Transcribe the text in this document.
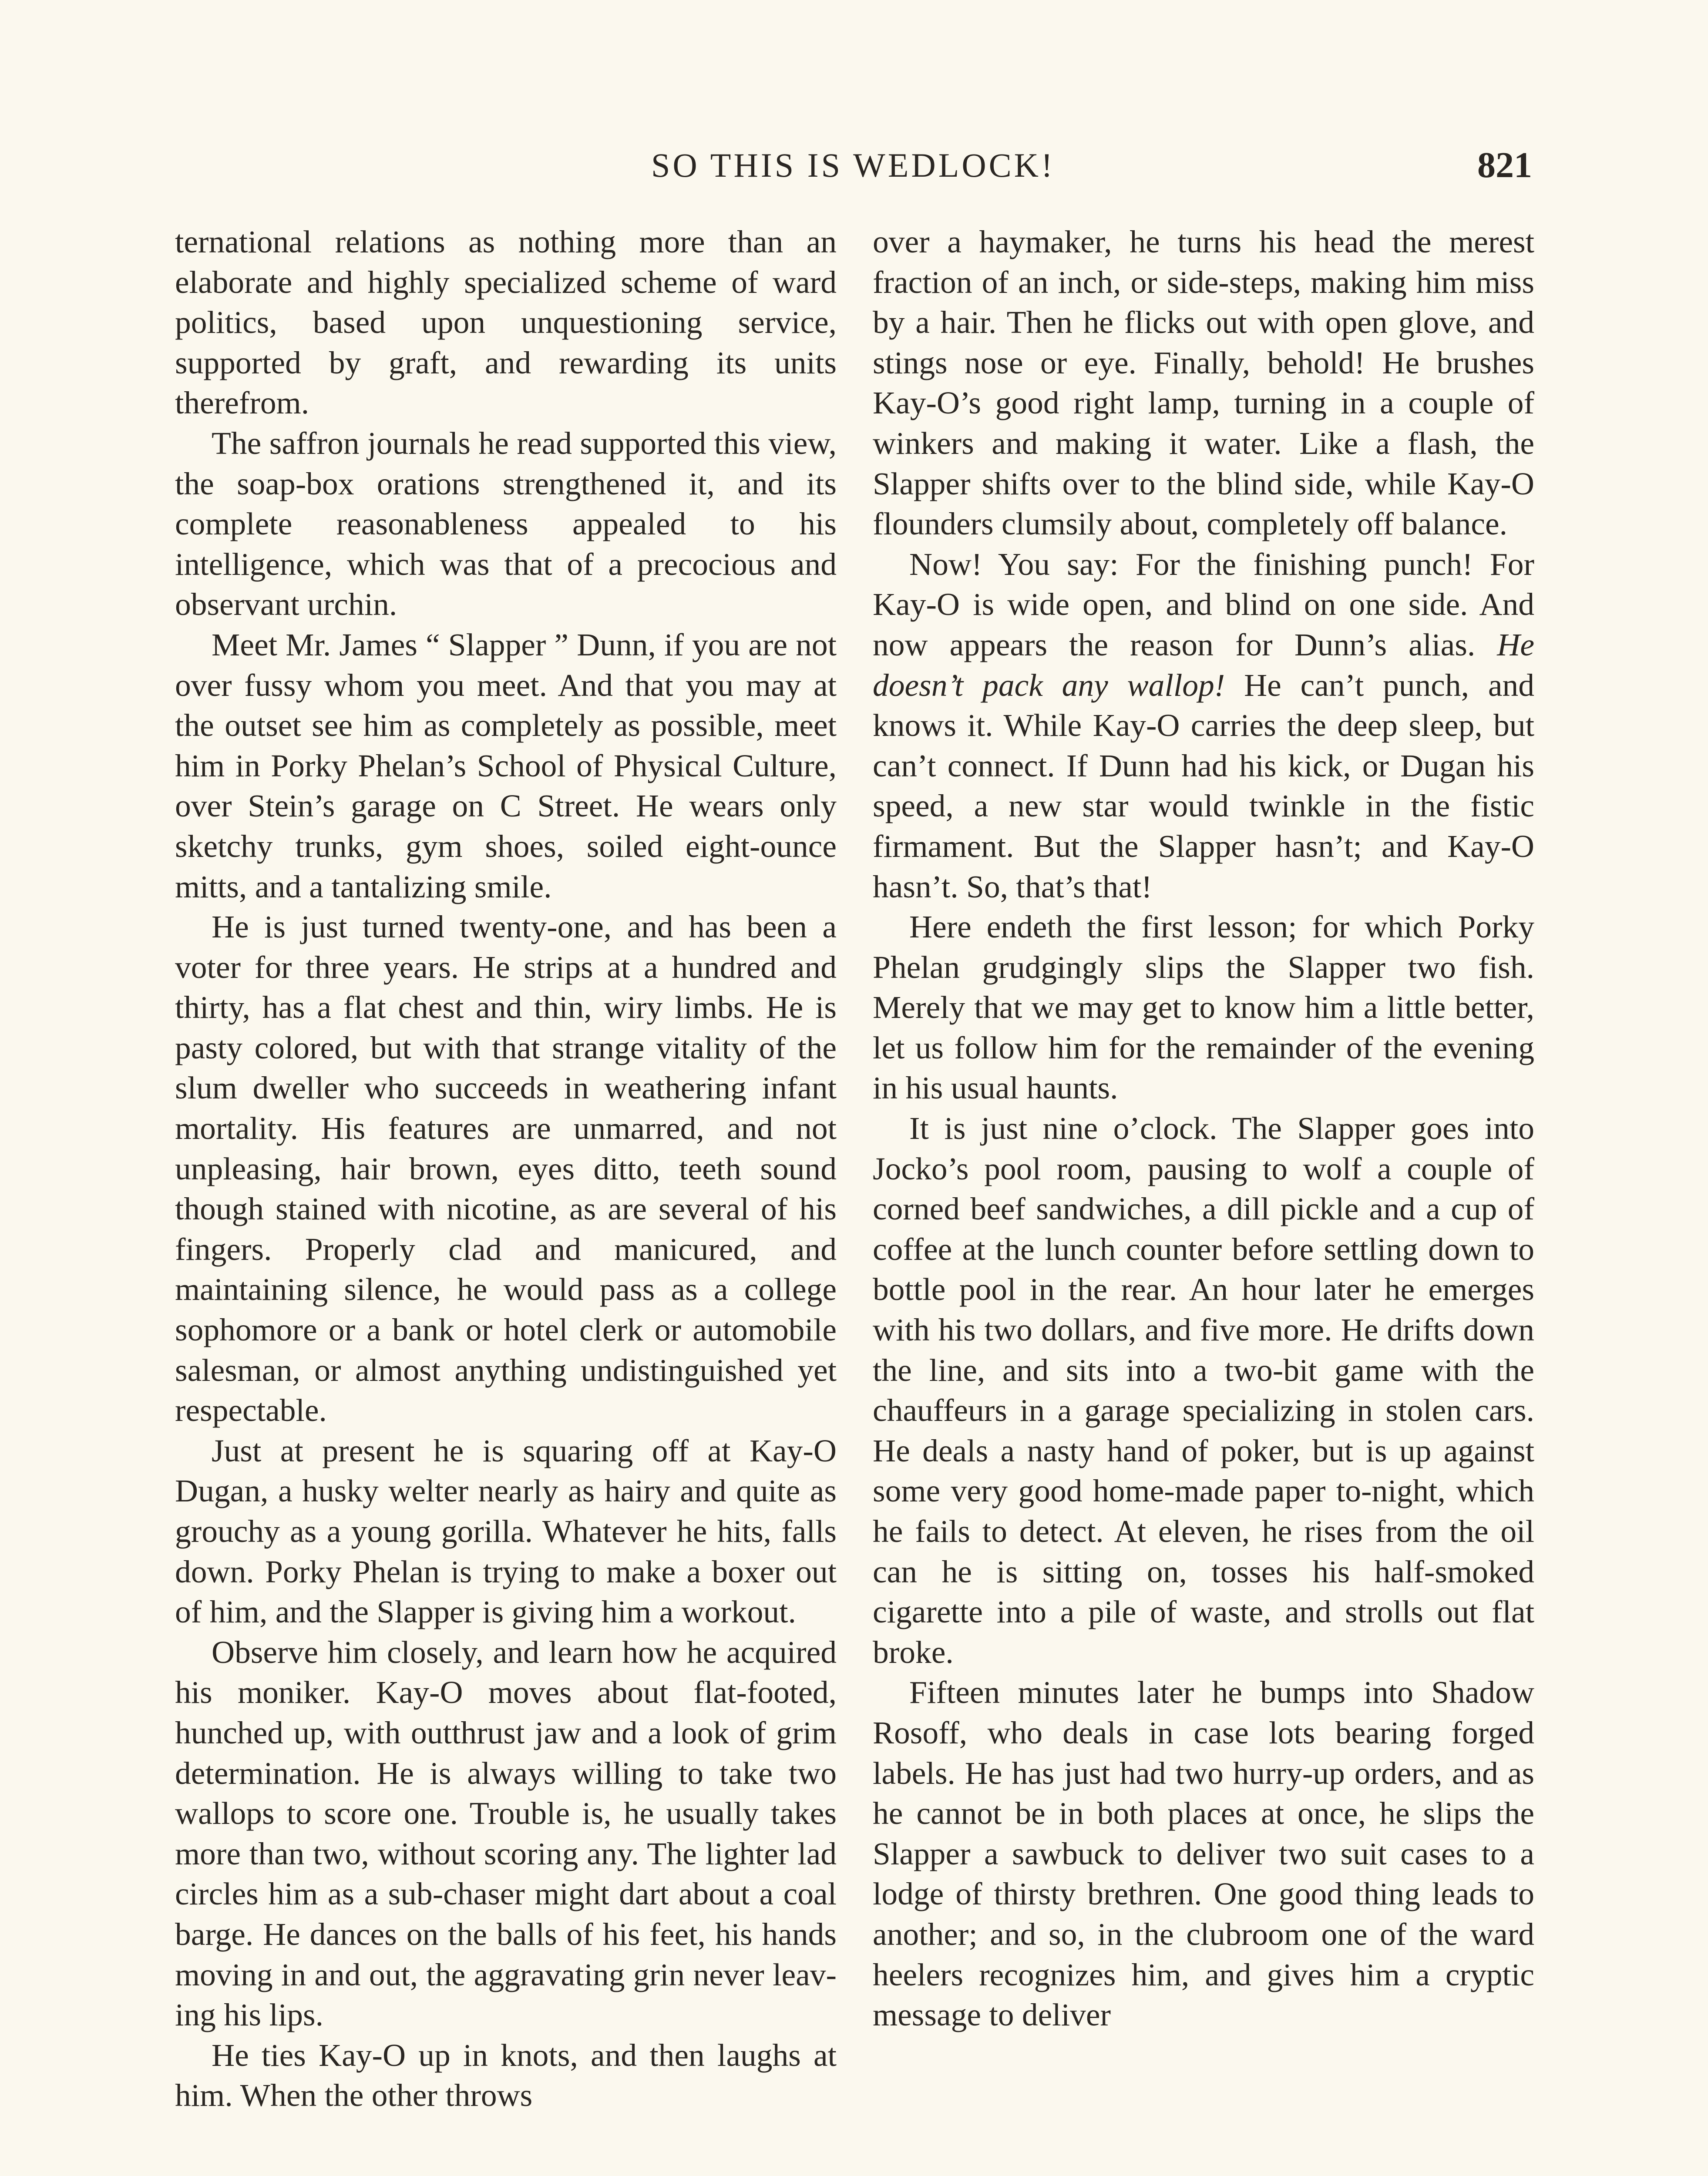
SO THIS IS WEDLOCK!	821

ternational relations as nothing more than an elaborate and highly specialized scheme of ward politics, based upon unquestioning service, supported by graft, and rewarding its units therefrom.

The saffron journals he read supported this view, the soap-box orations strengthened it, and its complete reasonableness appealed to his intelligence, which was that of a precocious and observant urchin.

Meet Mr. James “ Slapper ” Dunn, if you are not over fussy whom you meet. And that you may at the outset see him as completely as possible, meet him in Porky Phelan’s School of Physical Culture, over Stein’s garage on C Street. He wears only sketchy trunks, gym shoes, soiled eight-ounce mitts, and a tantalizing smile.

He is just turned twenty-one, and has been a voter for three years. He strips at a hundred and thirty, has a flat chest and thin, wiry limbs. He is pasty colored, but with that strange vitality of the slum dweller who succeeds in weathering infant mortality. His features are unmarred, and not unpleasing, hair brown, eyes ditto, teeth sound though stained with nicotine, as are several of his fingers. Properly clad and manicured, and maintaining silence, he would pass as a college sophomore or a bank or hotel clerk or automobile salesman, or almost anything undistinguished yet respectable.

Just at present he is squaring off at Kay-O Dugan, a husky welter nearly as hairy and quite as grouchy as a young gorilla. Whatever he hits, falls down. Porky Phelan is trying to make a boxer out of him, and the Slapper is giving him a workout.

Observe him closely, and learn how he acquired his moniker. Kay-O moves about flat-footed, hunched up, with outthrust jaw and a look of grim determination. He is always willing to take two wallops to score one. Trouble is, he usually takes more than two, without scoring any. The lighter lad circles him as a sub-chaser might dart about a coal barge. He dances on the balls of his feet, his hands moving in and out, the aggravating grin never leaving his lips.

He ties Kay-O up in knots, and then laughs at him. When the other throws

over a haymaker, he turns his head the merest fraction of an inch, or side-steps, making him miss by a hair. Then he flicks out with open glove, and stings nose or eye. Finally, behold! He brushes Kay-O’s good right lamp, turning in a couple of winkers and making it water. Like a flash, the Slapper shifts over to the blind side, while Kay-O flounders clumsily about, completely off balance.

Now! You say: For the finishing punch! For Kay-O is wide open, and blind on one side. And now appears the reason for Dunn’s alias. He doesn’t pack any wallop! He can’t punch, and knows it. While Kay-O carries the deep sleep, but can’t connect. If Dunn had his kick, or Dugan his speed, a new star would twinkle in the fistic firmament. But the Slapper hasn’t; and Kay-O hasn’t. So, that’s that!

Here endeth the first lesson; for which Porky Phelan grudgingly slips the Slapper two fish. Merely that we may get to know him a little better, let us follow him for the remainder of the evening in his usual haunts.

It is just nine o’clock. The Slapper goes into Jocko’s pool room, pausing to wolf a couple of corned beef sandwiches, a dill pickle and a cup of coffee at the lunch counter before settling down to bottle pool in the rear. An hour later he emerges with his two dollars, and five more. He drifts down the line, and sits into a two-bit game with the chauffeurs in a garage specializing in stolen cars. He deals a nasty hand of poker, but is up against some very good home-made paper to-night, which he fails to detect. At eleven, he rises from the oil can he is sitting on, tosses his half-smoked cigarette into a pile of waste, and strolls out flat broke.

Fifteen minutes later he bumps into Shadow Rosoff, who deals in case lots bearing forged labels. He has just had two hurry-up orders, and as he cannot be in both places at once, he slips the Slapper a sawbuck to deliver two suit cases to a lodge of thirsty brethren. One good thing leads to another; and so, in the clubroom one of the ward heelers recognizes him, and gives him a cryptic message to deliver
